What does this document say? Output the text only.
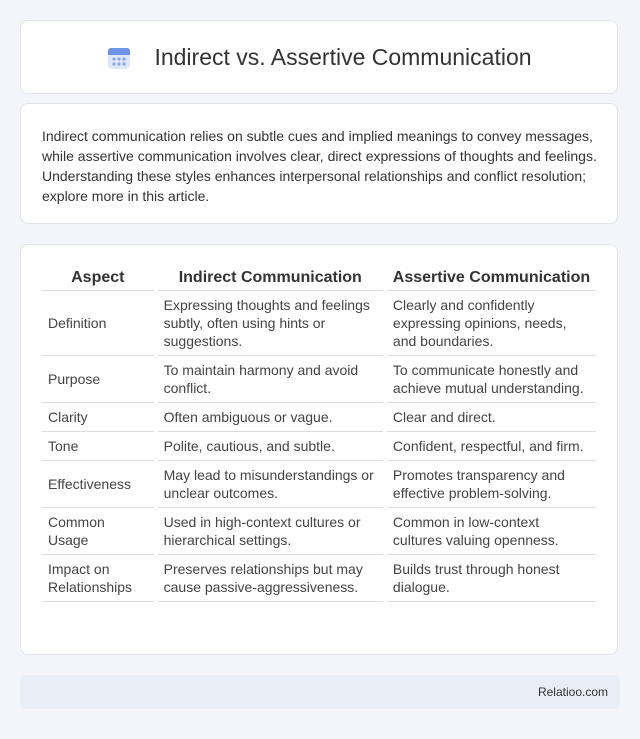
Indirect vs. Assertive Communication

Indirect communication relies on subtle cues and implied meanings to convey messages, while assertive communication involves clear, direct expressions of thoughts and feelings. Understanding these styles enhances interpersonal relationships and conflict resolution; explore more in this article.

Aspect	Indirect Communication	Assertive Communication
Definition	Expressing thoughts and feelings subtly, often using hints or suggestions.	Clearly and confidently expressing opinions, needs, and boundaries.
Purpose	To maintain harmony and avoid conflict.	To communicate honestly and achieve mutual understanding.
Clarity	Often ambiguous or vague.	Clear and direct.
Tone	Polite, cautious, and subtle.	Confident, respectful, and firm.
Effectiveness	May lead to misunderstandings or unclear outcomes.	Promotes transparency and effective problem-solving.
Common Usage	Used in high-context cultures or hierarchical settings.	Common in low-context cultures valuing openness.
Impact on Relationships	Preserves relationships but may cause passive-aggressiveness.	Builds trust through honest dialogue.
Relatioo.com
